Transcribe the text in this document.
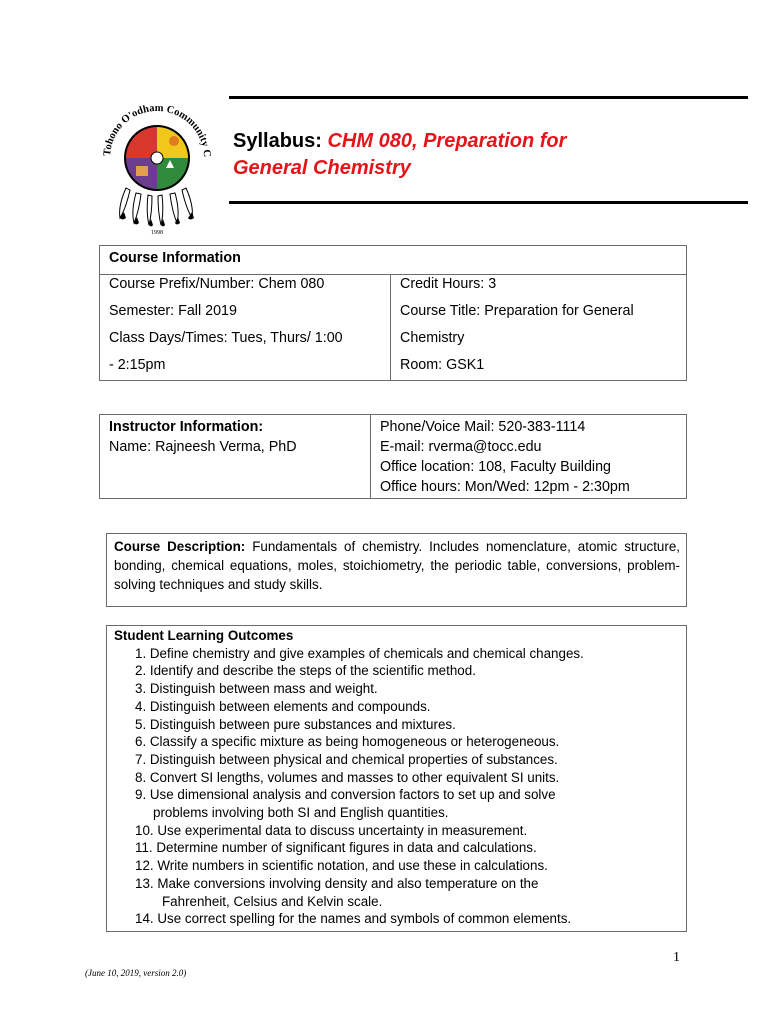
Tohono O'odham Community C
1998
Syllabus: CHM 080, Preparation for
General Chemistry
Course Information
Course Prefix/Number: Chem 080
Semester: Fall 2019
Class Days/Times: Tues, Thurs/ 1:00
- 2:15pm
Credit Hours: 3
Course Title: Preparation for General
Chemistry
Room: GSK1
Instructor Information:
Name: Rajneesh Verma, PhD
Phone/Voice Mail: 520-383-1114
E-mail: rverma@tocc.edu
Office location: 108, Faculty Building
Office hours: Mon/Wed: 12pm - 2:30pm
Course Description: Fundamentals of chemistry. Includes nomenclature, atomic structure, bonding, chemical equations, moles, stoichiometry, the periodic table, conversions, problem-solving techniques and study skills.
Student Learning Outcomes
1. Define chemistry and give examples of chemicals and chemical changes.
2. Identify and describe the steps of the scientific method.
3. Distinguish between mass and weight.
4. Distinguish between elements and compounds.
5. Distinguish between pure substances and mixtures.
6. Classify a specific mixture as being homogeneous or heterogeneous.
7. Distinguish between physical and chemical properties of substances.
8. Convert SI lengths, volumes and masses to other equivalent SI units.
9. Use dimensional analysis and conversion factors to set up and solve
problems involving both SI and English quantities.
10. Use experimental data to discuss uncertainty in measurement.
11. Determine number of significant figures in data and calculations.
12. Write numbers in scientific notation, and use these in calculations.
13. Make conversions involving density and also temperature on the
Fahrenheit, Celsius and Kelvin scale.
14. Use correct spelling for the names and symbols of common elements.
1
(June 10, 2019, version 2.0)
